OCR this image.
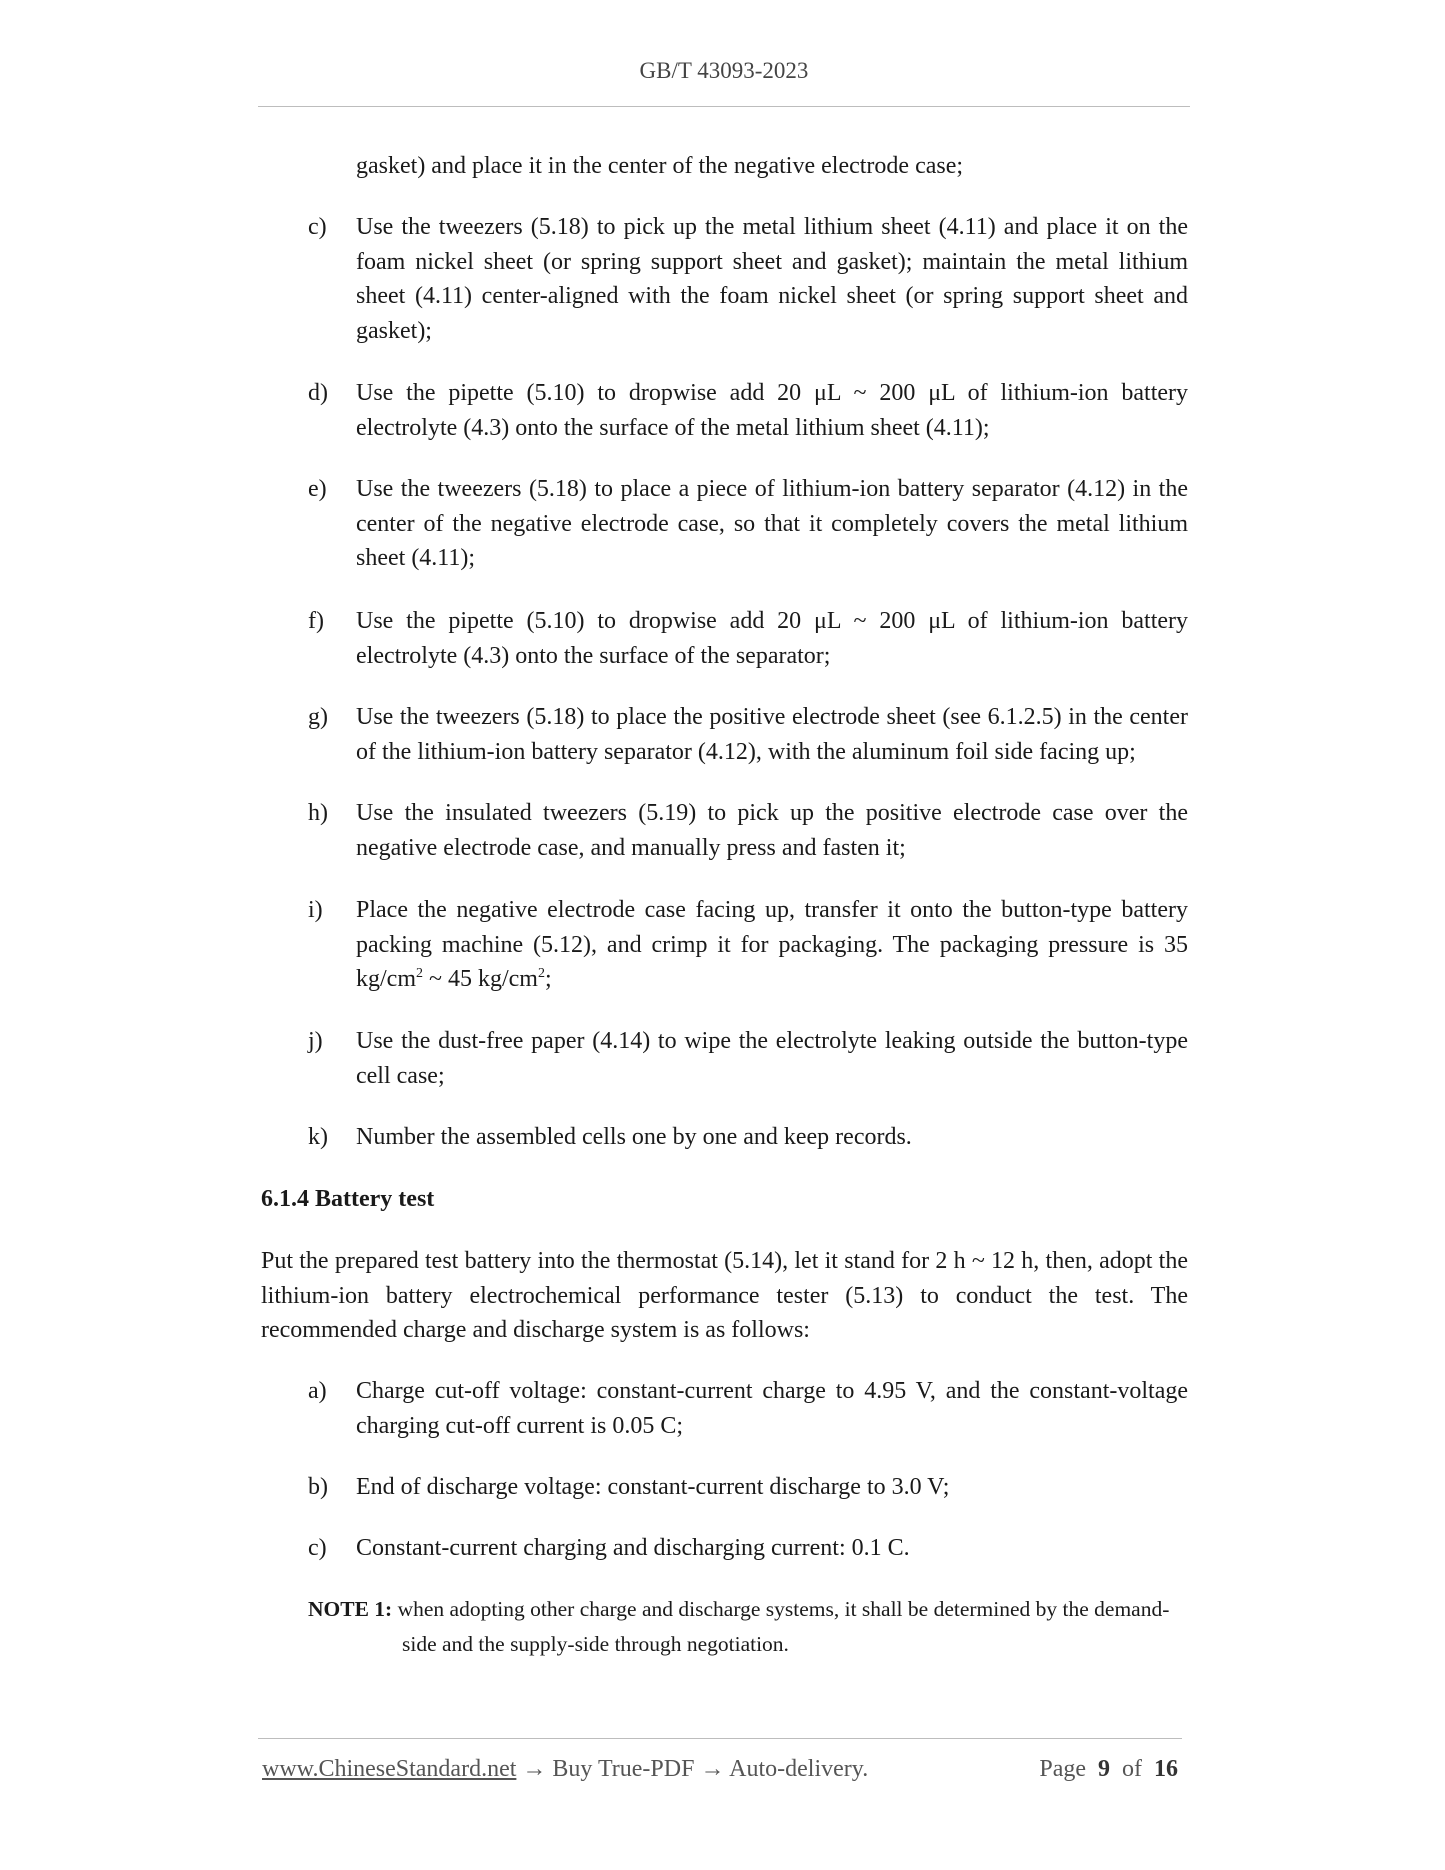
GB/T 43093-2023
gasket) and place it in the center of the negative electrode case;
c)	Use the tweezers (5.18) to pick up the metal lithium sheet (4.11) and place it on the foam nickel sheet (or spring support sheet and gasket); maintain the metal lithium sheet (4.11) center-aligned with the foam nickel sheet (or spring support sheet and gasket);
d)	Use the pipette (5.10) to dropwise add 20 μL ~ 200 μL of lithium-ion battery electrolyte (4.3) onto the surface of the metal lithium sheet (4.11);
e)	Use the tweezers (5.18) to place a piece of lithium-ion battery separator (4.12) in the center of the negative electrode case, so that it completely covers the metal lithium sheet (4.11);
f)	Use the pipette (5.10) to dropwise add 20 μL ~ 200 μL of lithium-ion battery electrolyte (4.3) onto the surface of the separator;
g)	Use the tweezers (5.18) to place the positive electrode sheet (see 6.1.2.5) in the center of the lithium-ion battery separator (4.12), with the aluminum foil side facing up;
h)	Use the insulated tweezers (5.19) to pick up the positive electrode case over the negative electrode case, and manually press and fasten it;
i)	Place the negative electrode case facing up, transfer it onto the button-type battery packing machine (5.12), and crimp it for packaging. The packaging pressure is 35 $kg/cm^2$ ~ 45 $kg/cm^2$;
j)	Use the dust-free paper (4.14) to wipe the electrolyte leaking outside the button-type cell case;
k)	Number the assembled cells one by one and keep records.
6.1.4 Battery test
Put the prepared test battery into the thermostat (5.14), let it stand for 2 h ~ 12 h, then, adopt the lithium-ion battery electrochemical performance tester (5.13) to conduct the test. The recommended charge and discharge system is as follows:
a)	Charge cut-off voltage: constant-current charge to 4.95 V, and the constant-voltage charging cut-off current is 0.05 C;
b)	End of discharge voltage: constant-current discharge to 3.0 V;
c)	Constant-current charging and discharging current: 0.1 C.
NOTE 1: when adopting other charge and discharge systems, it shall be determined by the demand-
side and the supply-side through negotiation.
www.ChineseStandard.net → Buy True-PDF → Auto-delivery.	Page 9 of 16
